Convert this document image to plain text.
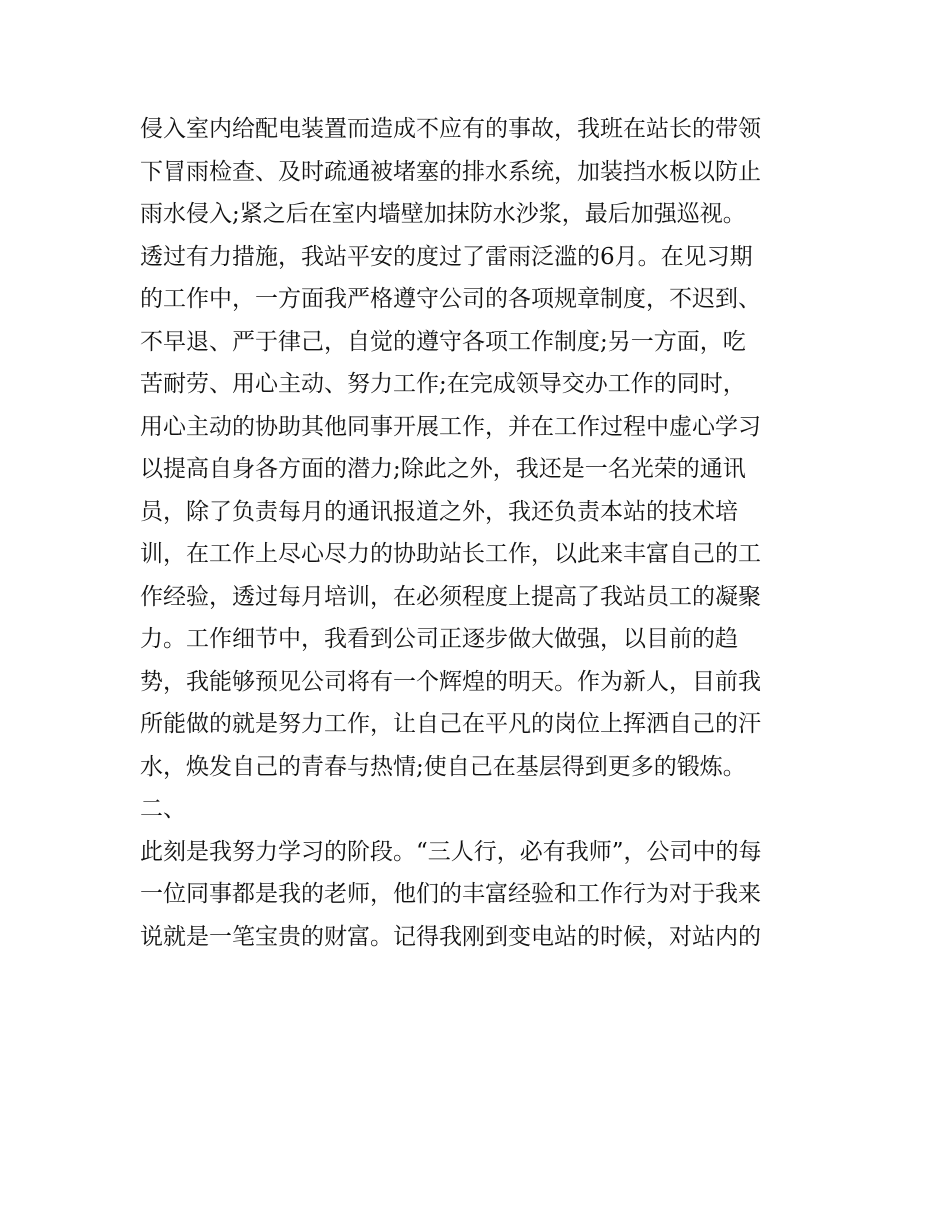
侵入室内给配电装置而造成不应有的事故，我班在站长的带领
下冒雨检查、及时疏通被堵塞的排水系统，加装挡水板以防止
雨水侵入;紧之后在室内墙壁加抹防水沙浆，最后加强巡视。
透过有力措施，我站平安的度过了雷雨泛滥的6月。在见习期
的工作中，一方面我严格遵守公司的各项规章制度，不迟到、
不早退、严于律己，自觉的遵守各项工作制度;另一方面，吃
苦耐劳、用心主动、努力工作;在完成领导交办工作的同时，
用心主动的协助其他同事开展工作，并在工作过程中虚心学习
以提高自身各方面的潜力;除此之外，我还是一名光荣的通讯
员，除了负责每月的通讯报道之外，我还负责本站的技术培
训，在工作上尽心尽力的协助站长工作，以此来丰富自己的工
作经验，透过每月培训，在必须程度上提高了我站员工的凝聚
力。工作细节中，我看到公司正逐步做大做强，以目前的趋
势，我能够预见公司将有一个辉煌的明天。作为新人，目前我
所能做的就是努力工作，让自己在平凡的岗位上挥洒自己的汗
水，焕发自己的青春与热情;使自己在基层得到更多的锻炼。
二、
此刻是我努力学习的阶段。“三人行，必有我师”，公司中的每
一位同事都是我的老师，他们的丰富经验和工作行为对于我来
说就是一笔宝贵的财富。记得我刚到变电站的时候，对站内的
